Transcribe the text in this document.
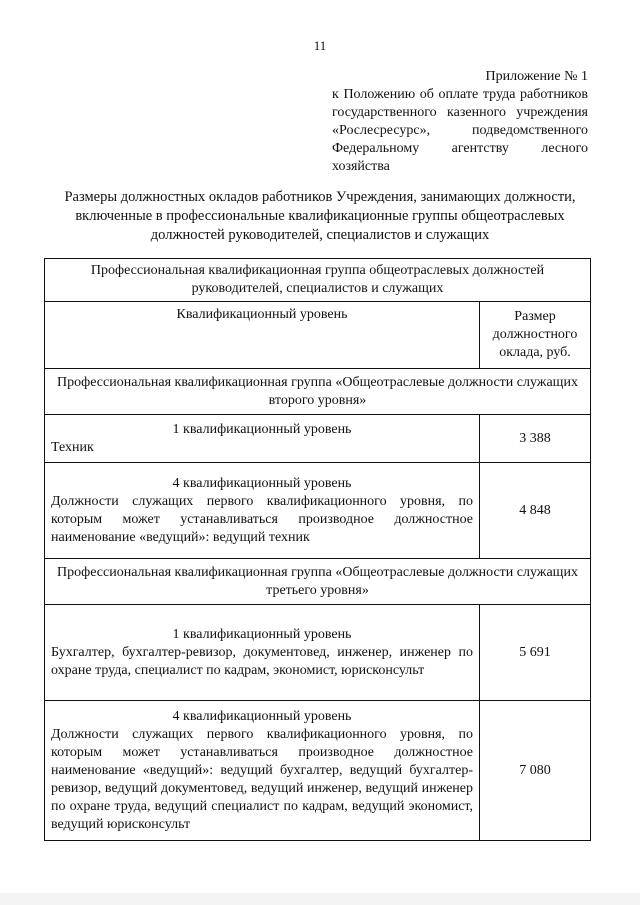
11
Приложение № 1
к Положению об оплате труда работников государственного казенного учреждения «Рослесресурс», подведомственного Федеральному агентству лесного хозяйства
Размеры должностных окладов работников Учреждения, занимающих должности, включенные в профессиональные квалификационные группы общеотраслевых должностей руководителей, специалистов и служащих
Профессиональная квалификационная группа общеотраслевых должностей руководителей, специалистов и служащих	
Квалификационный уровень	Размер должностного оклада, руб.
Профессиональная квалификационная группа «Общеотраслевые должности служащих второго уровня»	

1 квалификационный уровень
Техник	3 388

4 квалификационный уровень
Должности служащих первого квалификационного уровня, по которым может устанавливаться производное должностное наименование «ведущий»: ведущий техник	4 848
Профессиональная квалификационная группа «Общеотраслевые должности служащих третьего уровня»	

1 квалификационный уровень
Бухгалтер, бухгалтер-ревизор, документовед, инженер, инженер по охране труда, специалист по кадрам, экономист, юрисконсульт	5 691

4 квалификационный уровень
Должности служащих первого квалификационного уровня, по которым может устанавливаться производное должностное наименование «ведущий»: ведущий бухгалтер, ведущий бухгалтер-ревизор, ведущий документовед, ведущий инженер, ведущий инженер по охране труда, ведущий специалист по кадрам, ведущий экономист, ведущий юрисконсульт	7 080
